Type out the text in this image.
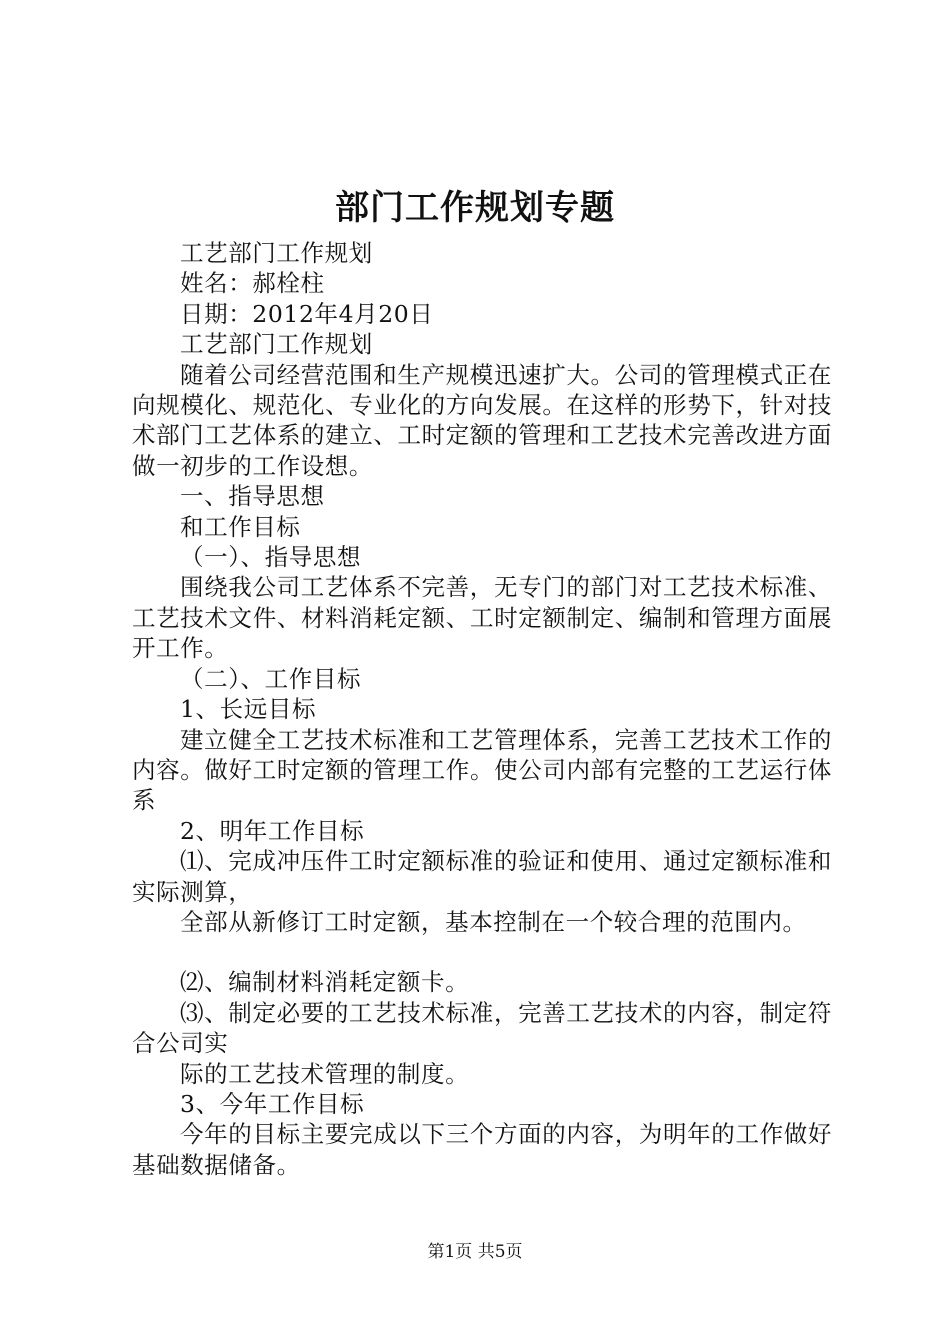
部门工作规划专题

工艺部门工作规划

姓名：郝栓柱

日期：2012年4月20日

工艺部门工作规划

随着公司经营范围和生产规模迅速扩大。公司的管理模式正在向规模化、规范化、专业化的方向发展。在这样的形势下，针对技术部门工艺体系的建立、工时定额的管理和工艺技术完善改进方面做一初步的工作设想。

一、指导思想

和工作目标

（一）、指导思想

围绕我公司工艺体系不完善，无专门的部门对工艺技术标准、工艺技术文件、材料消耗定额、工时定额制定、编制和管理方面展开工作。

（二）、工作目标

1、长远目标

建立健全工艺技术标准和工艺管理体系，完善工艺技术工作的内容。做好工时定额的管理工作。使公司内部有完整的工艺运行体系

2、明年工作目标

⑴、完成冲压件工时定额标准的验证和使用、通过定额标准和实际测算，

全部从新修订工时定额，基本控制在一个较合理的范围内。

⑵、编制材料消耗定额卡。

⑶、制定必要的工艺技术标准，完善工艺技术的内容，制定符合公司实

际的工艺技术管理的制度。

3、今年工作目标

今年的目标主要完成以下三个方面的内容，为明年的工作做好基础数据储备。

第1页 共5页
